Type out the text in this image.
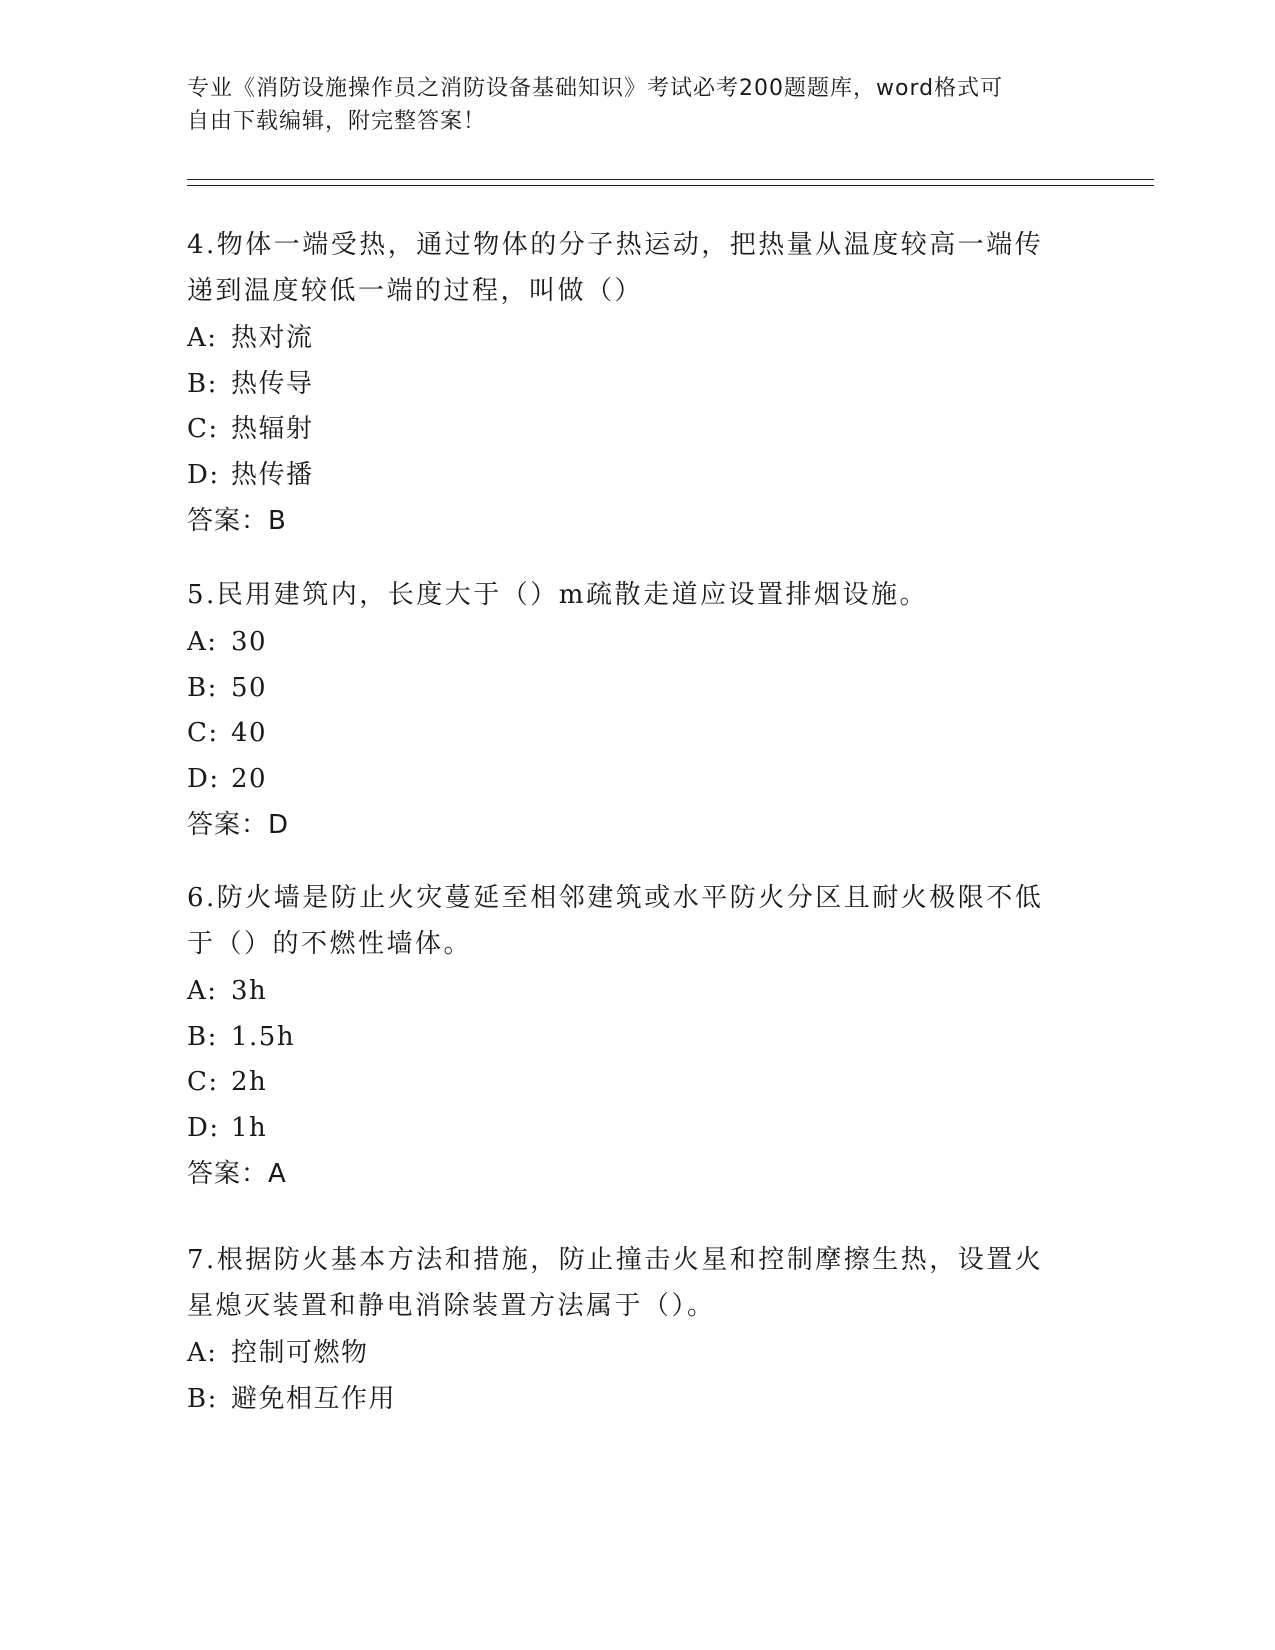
专业《消防设施操作员之消防设备基础知识》考试必考200题题库，word格式可
自由下载编辑，附完整答案！
4.物体一端受热，通过物体的分子热运动，把热量从温度较高一端传
递到温度较低一端的过程，叫做（）
A: 热对流
B: 热传导
C: 热辐射
D: 热传播
答案：B
5.民用建筑内，长度大于（）m疏散走道应设置排烟设施。
A: 30
B: 50
C: 40
D: 20
答案：D
6.防火墙是防止火灾蔓延至相邻建筑或水平防火分区且耐火极限不低
于（）的不燃性墙体。
A: 3h
B: 1.5h
C: 2h
D: 1h
答案：A
7.根据防火基本方法和措施，防止撞击火星和控制摩擦生热，设置火
星熄灭装置和静电消除装置方法属于（）。
A: 控制可燃物
B: 避免相互作用
